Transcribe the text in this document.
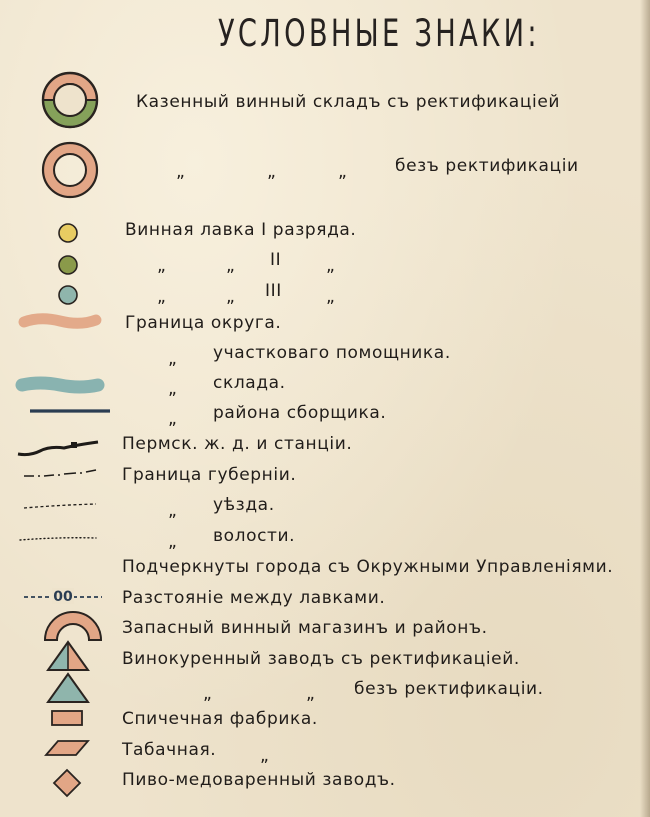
УСЛОВНЫЕ ЗНАКИ:
Казенный винный складъ съ ректификацiей
„	„	„	безъ ректификацiи
Винная лавка I разряда.
„	„ II	„
„	„ III	„
Граница округа.
„ участковаго помощника.
„ склада.
„ района сборщика.
Пермск. ж. д. и станцiи.
Граница губернiи.
„ уѣзда.
„ волости.
Подчеркнуты города съ Окружными Управленiями.
00	Разстоянiе между лавками.
Запасный винный магазинъ и районъ.
Винокуренный заводъ съ ректификацiей.
„	„ безъ ректификацiи.
Спичечная фабрика.
Табачная.	„
Пиво-медоваренный заводъ.
